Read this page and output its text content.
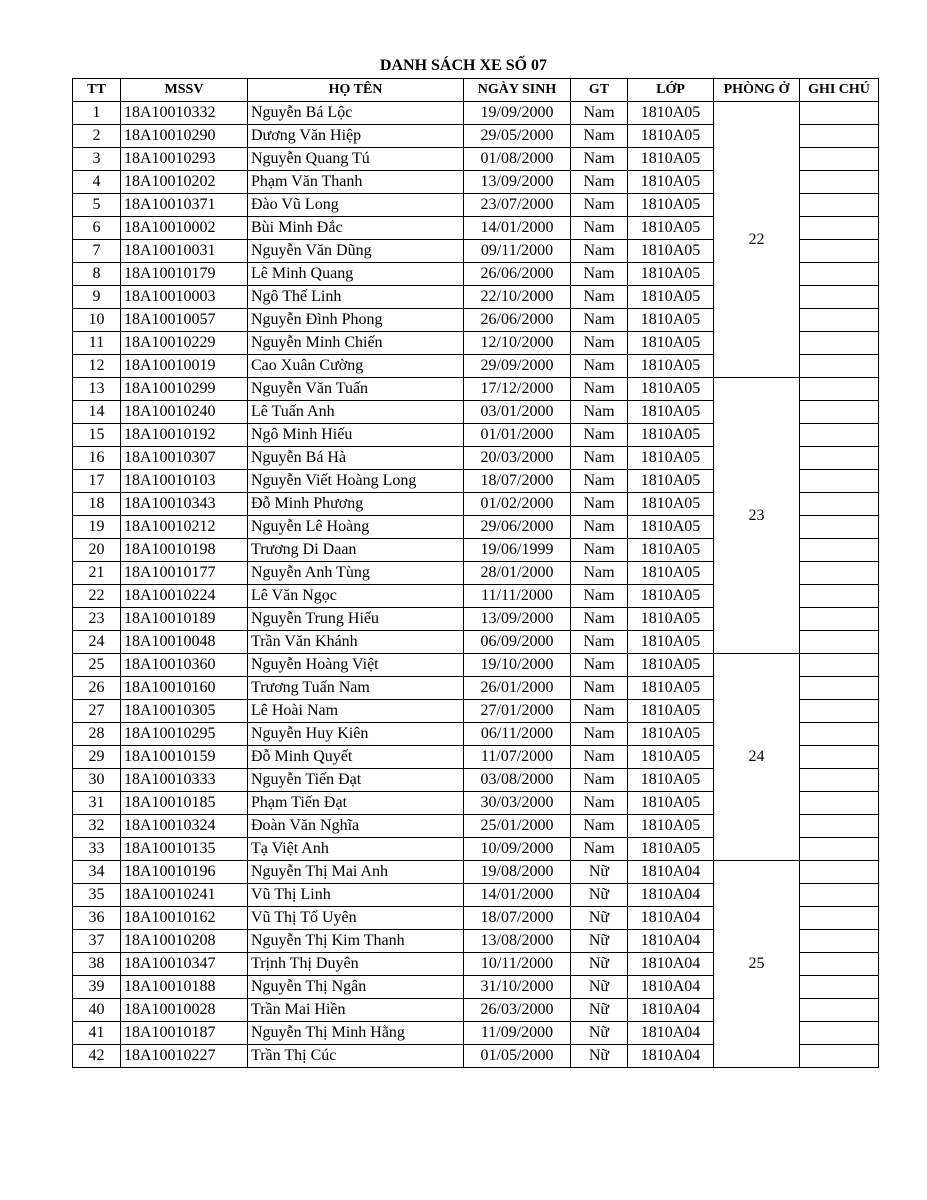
DANH SÁCH XE SỐ 07
TT	MSSV	HỌ TÊN	NGÀY SINH	GT	LỚP	PHÒNG Ở	GHI CHÚ
1	18A10010332	Nguyễn Bá Lộc	19/09/2000	Nam	1810A05	22	
2	18A10010290	Dương Văn Hiệp	29/05/2000	Nam	1810A05		
3	18A10010293	Nguyễn Quang Tú	01/08/2000	Nam	1810A05		
4	18A10010202	Phạm Văn Thanh	13/09/2000	Nam	1810A05		
5	18A10010371	Đào Vũ Long	23/07/2000	Nam	1810A05		
6	18A10010002	Bùi Minh Đắc	14/01/2000	Nam	1810A05		
7	18A10010031	Nguyễn Văn Dũng	09/11/2000	Nam	1810A05		
8	18A10010179	Lê Minh Quang	26/06/2000	Nam	1810A05		
9	18A10010003	Ngô Thế Linh	22/10/2000	Nam	1810A05		
10	18A10010057	Nguyễn Đình Phong	26/06/2000	Nam	1810A05		
11	18A10010229	Nguyễn Minh Chiến	12/10/2000	Nam	1810A05		
12	18A10010019	Cao Xuân Cường	29/09/2000	Nam	1810A05		
13	18A10010299	Nguyễn Văn Tuấn	17/12/2000	Nam	1810A05	23	
14	18A10010240	Lê Tuấn Anh	03/01/2000	Nam	1810A05		
15	18A10010192	Ngô Minh Hiếu	01/01/2000	Nam	1810A05		
16	18A10010307	Nguyễn Bá Hà	20/03/2000	Nam	1810A05		
17	18A10010103	Nguyễn Viết Hoàng Long	18/07/2000	Nam	1810A05		
18	18A10010343	Đỗ Minh Phương	01/02/2000	Nam	1810A05		
19	18A10010212	Nguyễn Lê Hoàng	29/06/2000	Nam	1810A05		
20	18A10010198	Trương Di Daan	19/06/1999	Nam	1810A05		
21	18A10010177	Nguyễn Anh Tùng	28/01/2000	Nam	1810A05		
22	18A10010224	Lê Văn Ngọc	11/11/2000	Nam	1810A05		
23	18A10010189	Nguyễn Trung Hiếu	13/09/2000	Nam	1810A05		
24	18A10010048	Trần Văn Khánh	06/09/2000	Nam	1810A05		
25	18A10010360	Nguyễn Hoàng Việt	19/10/2000	Nam	1810A05	24	
26	18A10010160	Trương Tuấn Nam	26/01/2000	Nam	1810A05		
27	18A10010305	Lê Hoài Nam	27/01/2000	Nam	1810A05		
28	18A10010295	Nguyễn Huy Kiên	06/11/2000	Nam	1810A05		
29	18A10010159	Đỗ Minh Quyết	11/07/2000	Nam	1810A05		
30	18A10010333	Nguyễn Tiến Đạt	03/08/2000	Nam	1810A05		
31	18A10010185	Phạm Tiến Đạt	30/03/2000	Nam	1810A05		
32	18A10010324	Đoàn Văn Nghĩa	25/01/2000	Nam	1810A05		
33	18A10010135	Tạ Việt Anh	10/09/2000	Nam	1810A05		
34	18A10010196	Nguyễn Thị Mai Anh	19/08/2000	Nữ	1810A04	25	
35	18A10010241	Vũ Thị Linh	14/01/2000	Nữ	1810A04		
36	18A10010162	Vũ Thị Tố Uyên	18/07/2000	Nữ	1810A04		
37	18A10010208	Nguyễn Thị Kim Thanh	13/08/2000	Nữ	1810A04		
38	18A10010347	Trịnh Thị Duyên	10/11/2000	Nữ	1810A04		
39	18A10010188	Nguyễn Thị Ngân	31/10/2000	Nữ	1810A04		
40	18A10010028	Trần Mai Hiền	26/03/2000	Nữ	1810A04		
41	18A10010187	Nguyễn Thị Minh Hằng	11/09/2000	Nữ	1810A04		
42	18A10010227	Trần Thị Cúc	01/05/2000	Nữ	1810A04		
